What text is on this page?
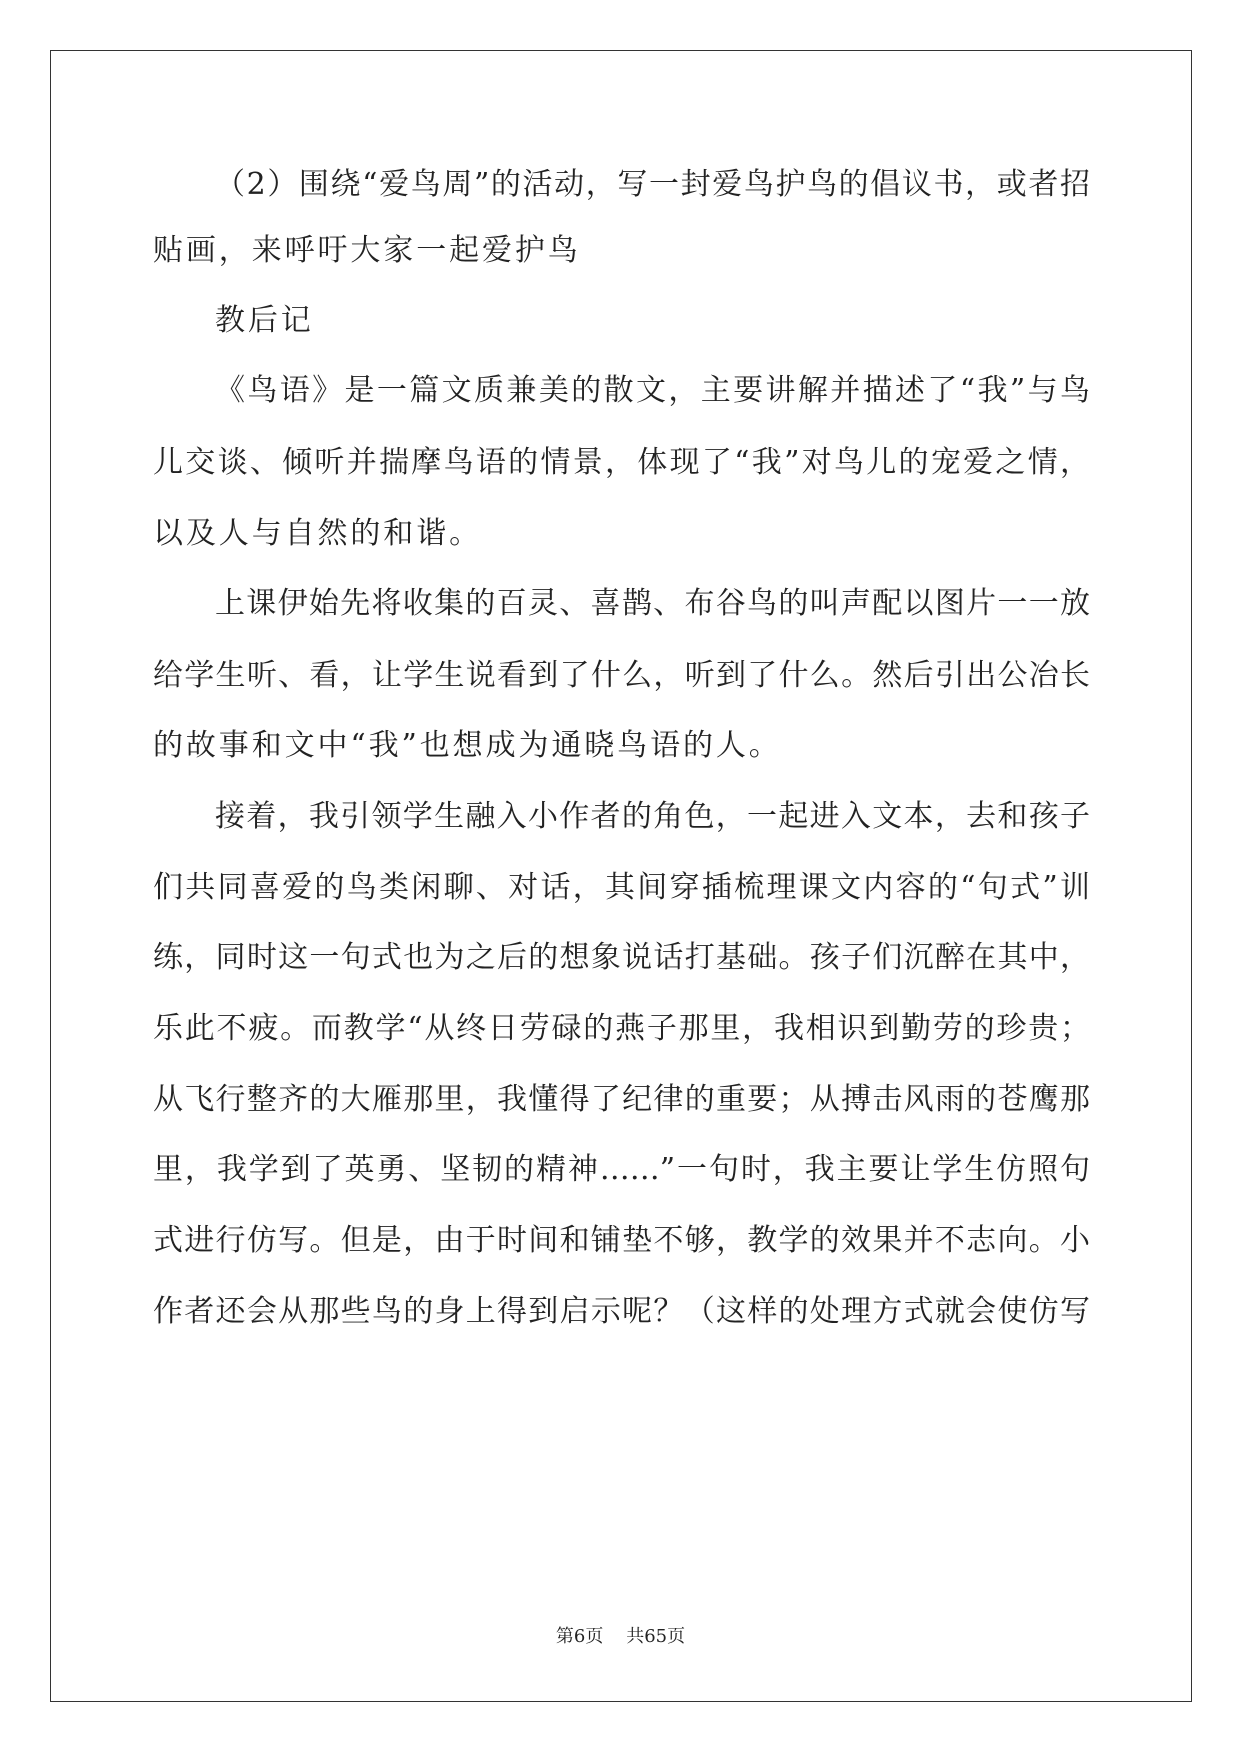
（2）围绕“爱鸟周”的活动，写一封爱鸟护鸟的倡议书，或者招
贴画，来呼吁大家一起爱护鸟
教后记
《鸟语》是一篇文质兼美的散文，主要讲解并描述了“我”与鸟
儿交谈、倾听并揣摩鸟语的情景，体现了“我”对鸟儿的宠爱之情，
以及人与自然的和谐。
上课伊始先将收集的百灵、喜鹊、布谷鸟的叫声配以图片一一放
给学生听、看，让学生说看到了什么，听到了什么。然后引出公冶长
的故事和文中“我”也想成为通晓鸟语的人。
接着，我引领学生融入小作者的角色，一起进入文本，去和孩子
们共同喜爱的鸟类闲聊、对话，其间穿插梳理课文内容的“句式”训
练，同时这一句式也为之后的想象说话打基础。孩子们沉醉在其中，
乐此不疲。而教学“从终日劳碌的燕子那里，我相识到勤劳的珍贵；
从飞行整齐的大雁那里，我懂得了纪律的重要；从搏击风雨的苍鹰那
里，我学到了英勇、坚韧的精神……”一句时，我主要让学生仿照句
式进行仿写。但是，由于时间和铺垫不够，教学的效果并不志向。小
作者还会从那些鸟的身上得到启示呢？（这样的处理方式就会使仿写
第6页 共65页
